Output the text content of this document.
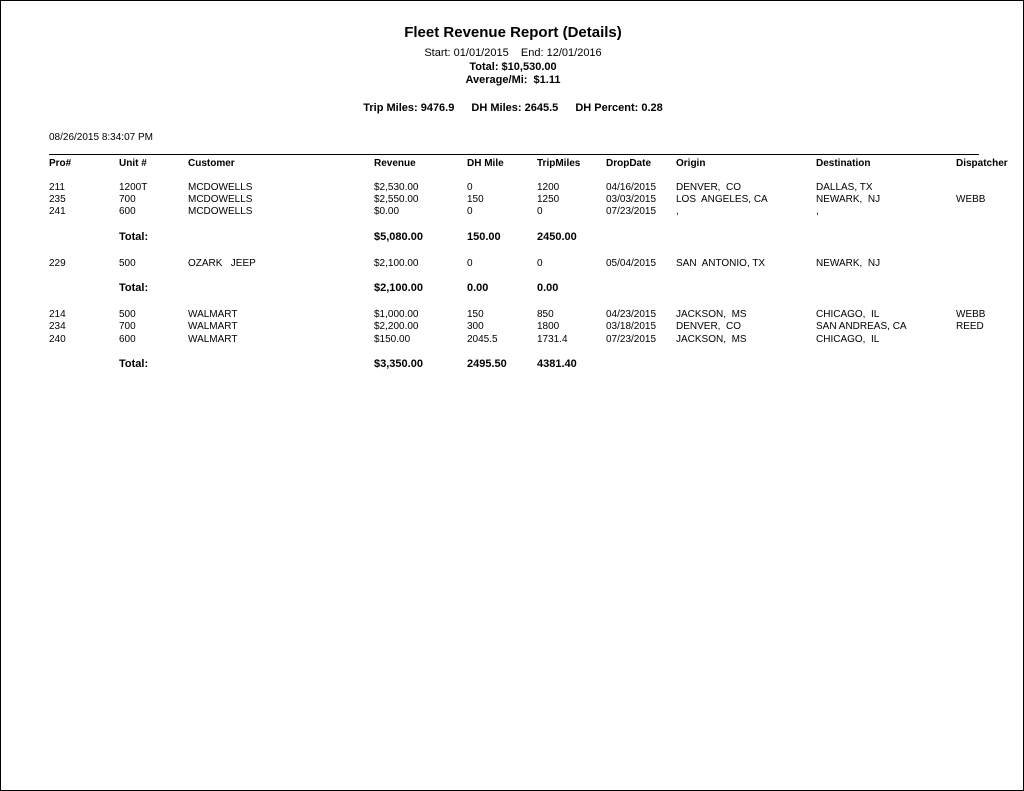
Fleet Revenue Report (Details)
Start: 01/01/2015    End: 12/01/2016
Total: $10,530.00
Average/Mi:  $1.11
Trip Miles: 9476.9 DH Miles: 2645.5 DH Percent: 0.28
08/26/2015 8:34:07 PM
Pro#	Unit #	Customer	Revenue	DH Mile	TripMiles	DropDate Origin	Destination	Dispatcher
211	1200T	MCDOWELLS	$2,530.00	0	1200	04/16/2015 DENVER,  CO	DALLAS, TX
235	700	MCDOWELLS	$2,550.00	150	1250	03/03/2015 LOS  ANGELES, CA	NEWARK,  NJ	WEBB
241	600	MCDOWELLS	$0.00	0	0	07/23/2015 ,	,
Total:	$5,080.00	150.00	2450.00
229	500	OZARK   JEEP	$2,100.00	0	0	05/04/2015 SAN  ANTONIO, TX	NEWARK,  NJ
Total:	$2,100.00	0.00	0.00
214	500	WALMART	$1,000.00	150	850	04/23/2015 JACKSON,  MS	CHICAGO,  IL	WEBB
234	700	WALMART	$2,200.00	300	1800	03/18/2015 DENVER,  CO	SAN ANDREAS, CA	REED
240	600	WALMART	$150.00	2045.5	1731.4	07/23/2015 JACKSON,  MS	CHICAGO,  IL
Total:	$3,350.00	2495.50	4381.40
